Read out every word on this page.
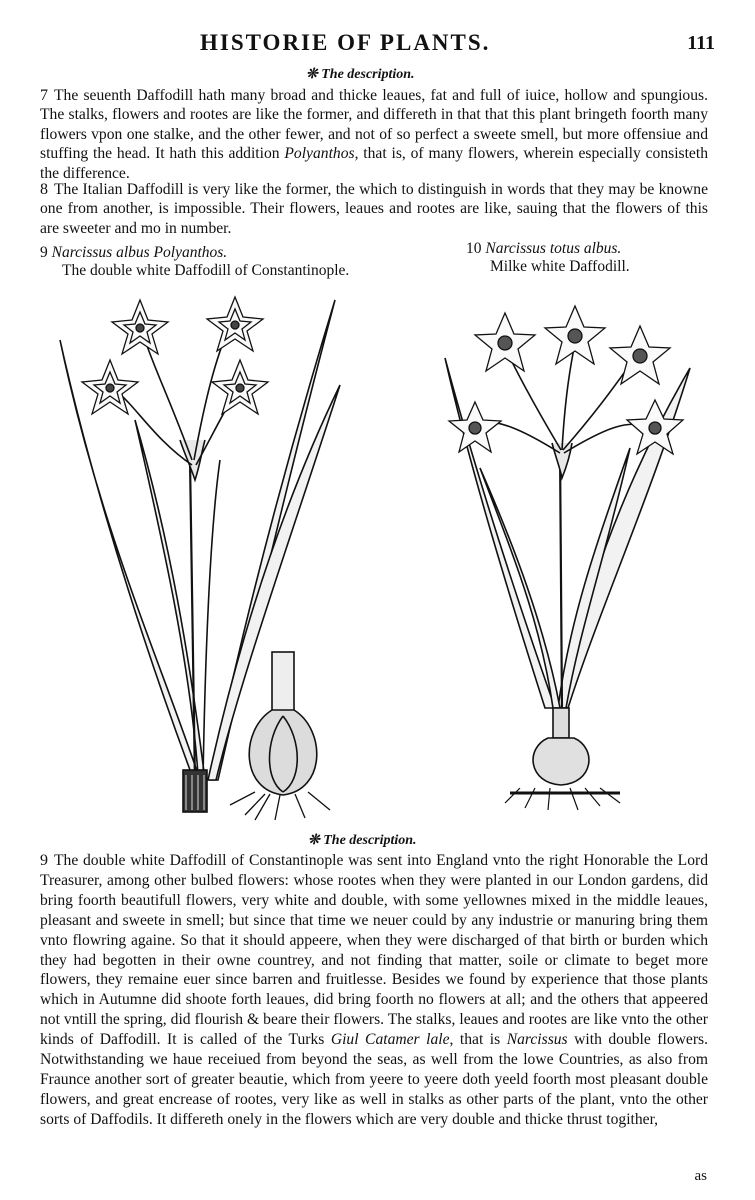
HISTORIE OF PLANTS.	111
❊ The description.
7 The seuenth Daffodill hath many broad and thicke leaues, fat and full of iuice, hollow and spungious. The stalks, flowers and rootes are like the former, and differeth in that that this plant bringeth foorth many flowers vpon one stalke, and the other fewer, and not of so perfect a sweete smell, but more offensiue and stuffing the head. It hath this addition Polyanthos, that is, of many flowers, wherein especially consisteth the difference.
8 The Italian Daffodill is very like the former, the which to distinguish in words that they may be knowne one from another, is impossible. Their flowers, leaues and rootes are like, sauing that the flowers of this are sweeter and mo in number.
9 Narcissus albus Polyanthos.
The double white Daffodill of Constantinople.
10 Narcissus totus albus.
Milke white Daffodill.
❊ The description.
9 The double white Daffodill of Constantinople was sent into England vnto the right Honorable the Lord Treasurer, among other bulbed flowers: whose rootes when they were planted in our London gardens, did bring foorth beautifull flowers, very white and double, with some yellownes mixed in the middle leaues, pleasant and sweete in smell; but since that time we neuer could by any industrie or manuring bring them vnto flowring againe. So that it should appeere, when they were discharged of that birth or burden which they had begotten in their owne countrey, and not finding that matter, soile or climate to beget more flowers, they remaine euer since barren and fruitlesse. Besides we found by experience that those plants which in Autumne did shoote forth leaues, did bring foorth no flowers at all; and the others that appeered not vntill the spring, did flourish & beare their flowers. The stalks, leaues and rootes are like vnto the other kinds of Daffodill. It is called of the Turks Giul Catamer lale, that is Narcissus with double flowers. Notwithstanding we haue receiued from beyond the seas, as well from the lowe Countries, as also from Fraunce another sort of greater beautie, which from yeere to yeere doth yeeld foorth most pleasant double flowers, and great encrease of rootes, very like as well in stalks as other parts of the plant, vnto the other sorts of Daffodils. It differeth onely in the flowers which are very double and thicke thrust togither,
as
